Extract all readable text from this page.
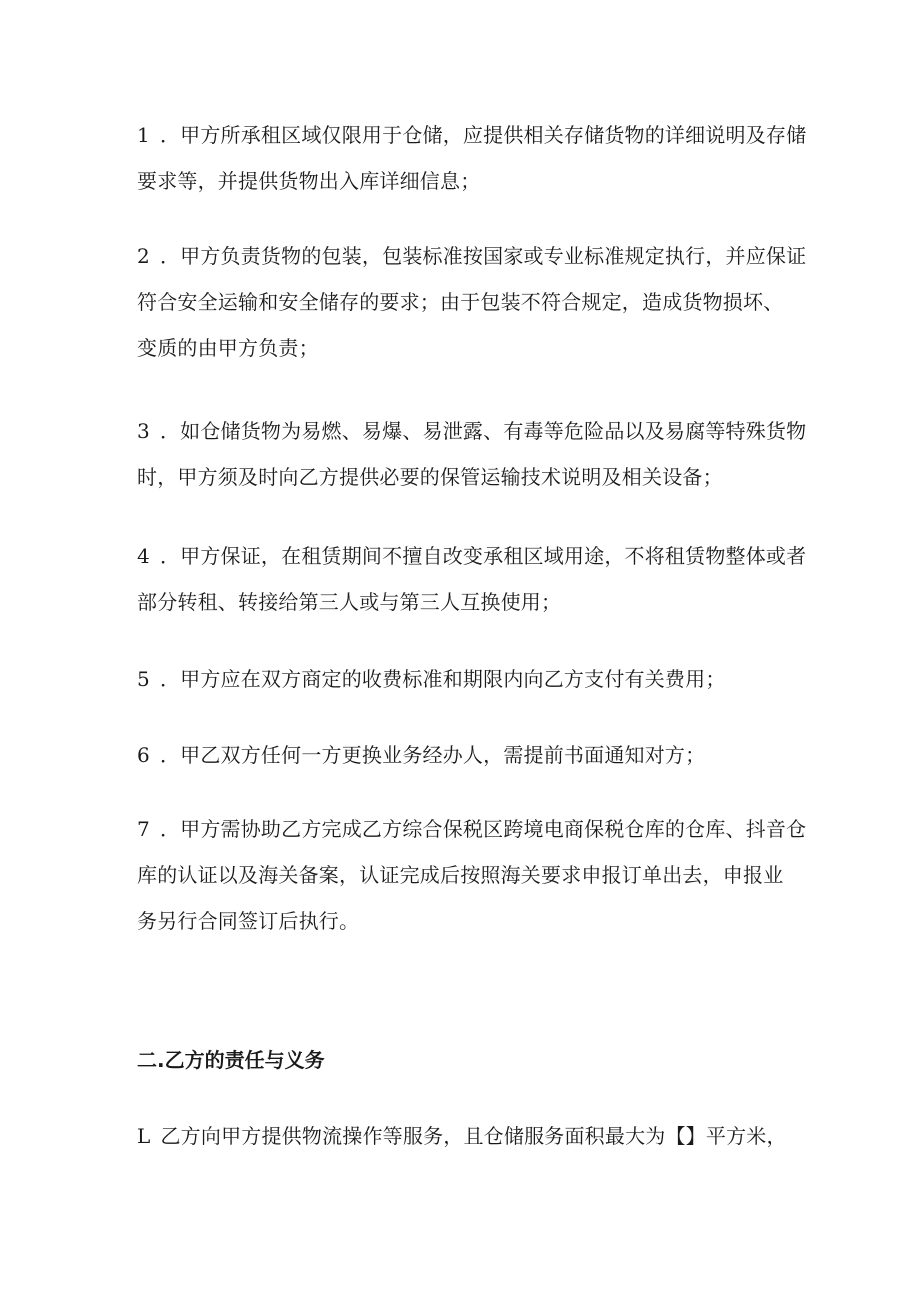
1 ．甲方所承租区域仅限用于仓储，应提供相关存储货物的详细说明及存储
要求等，并提供货物出入库详细信息；
2 ．甲方负责货物的包装，包装标准按国家或专业标准规定执行，并应保证
符合安全运输和安全储存的要求；由于包装不符合规定，造成货物损坏、
变质的由甲方负责；
3 ．如仓储货物为易燃、易爆、易泄露、有毒等危险品以及易腐等特殊货物
时，甲方须及时向乙方提供必要的保管运输技术说明及相关设备；
4 ．甲方保证，在租赁期间不擅自改变承租区域用途，不将租赁物整体或者
部分转租、转接给第三人或与第三人互换使用；
5 ．甲方应在双方商定的收费标准和期限内向乙方支付有关费用；
6 ．甲乙双方任何一方更换业务经办人，需提前书面通知对方；
7 ．甲方需协助乙方完成乙方综合保税区跨境电商保税仓库的仓库、抖音仓
库的认证以及海关备案，认证完成后按照海关要求申报订单出去，申报业
务另行合同签订后执行。
二.乙方的责任与义务
L 乙方向甲方提供物流操作等服务，且仓储服务面积最大为【】平方米，
